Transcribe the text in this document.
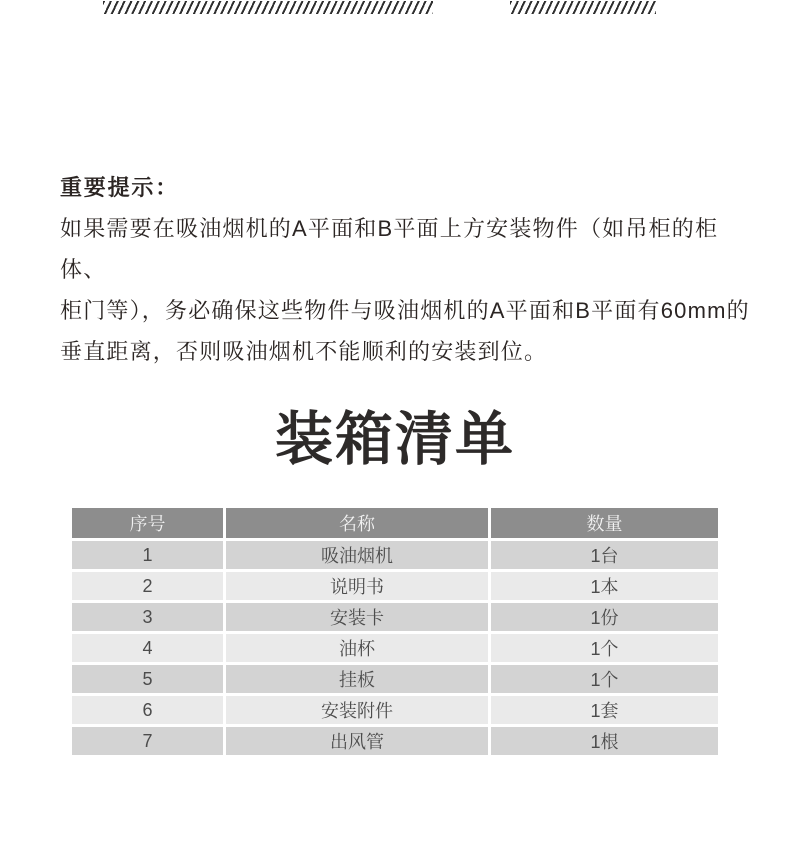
重要提示：
如果需要在吸油烟机的A平面和B平面上方安装物件（如吊柜的柜体、
柜门等），务必确保这些物件与吸油烟机的A平面和B平面有60mm的
垂直距离，否则吸油烟机不能顺利的安装到位。
装箱清单
序号	名称	数量
1	吸油烟机	1台
2	说明书	1本
3	安装卡	1份
4	油杯	1个
5	挂板	1个
6	安装附件	1套
7	出风管	1根
